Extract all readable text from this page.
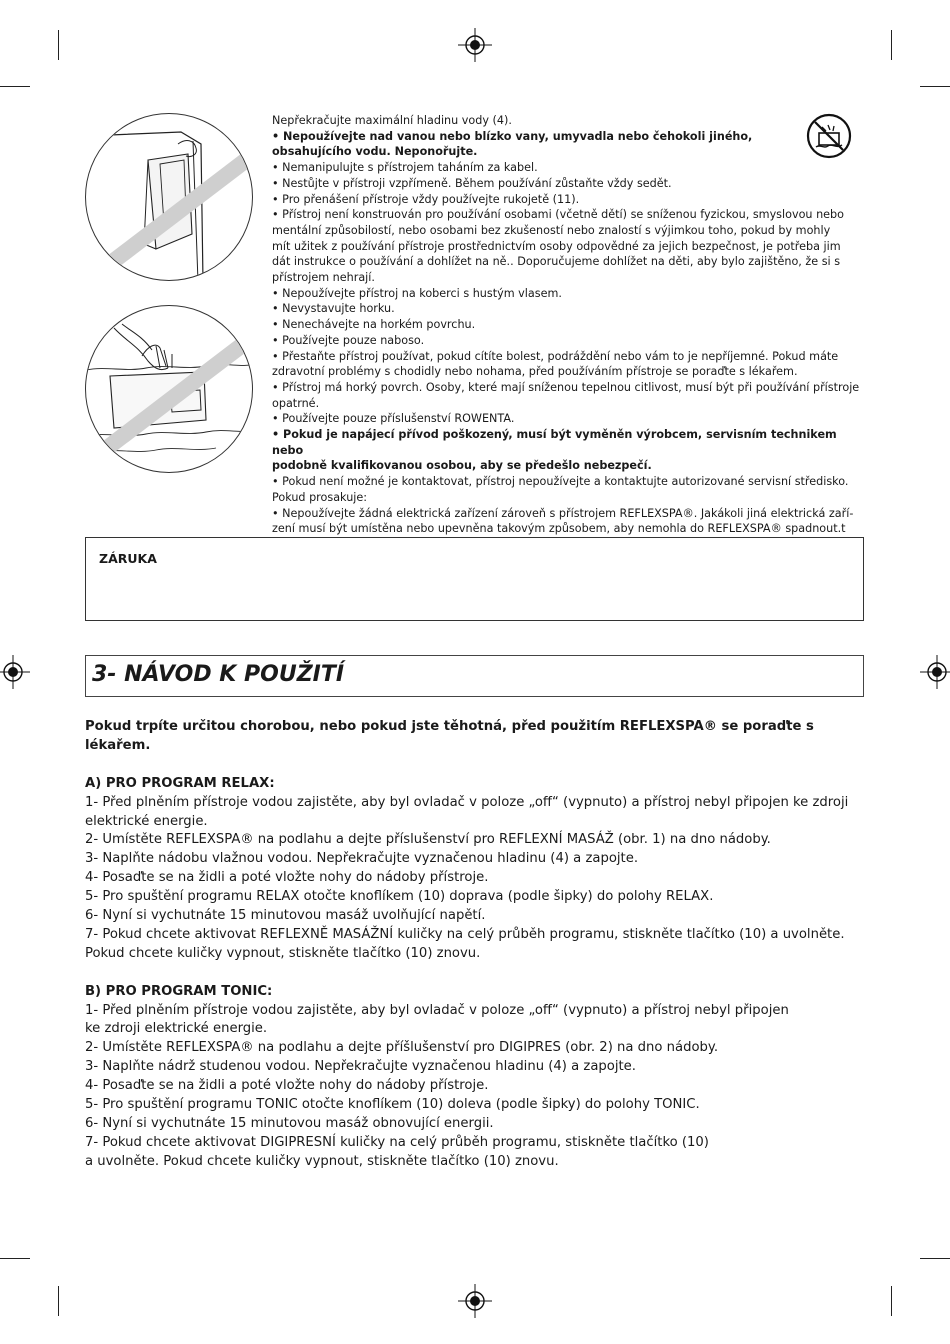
Nepřekračujte maximální hladinu vody (4).
• Nepoužívejte nad vanou nebo blízko vany, umyvadla nebo čehokoli jiného,
obsahujícího vodu. Neponořujte.
• Nemanipulujte s přístrojem taháním za kabel.
• Nestůjte v přístroji vzpřímeně. Během používání zůstaňte vždy sedět.
• Pro přenášení přístroje vždy používejte rukojetě (11).
• Přístroj není konstruován pro používání osobami (včetně dětí) se sníženou fyzickou, smyslovou nebo
mentální způsobilostí, nebo osobami bez zkušeností nebo znalostí s výjimkou toho, pokud by mohly
mít užitek z používání přístroje prostřednictvím osoby odpovědné za jejich bezpečnost, je potřeba jim
dát instrukce o používání a dohlížet na ně.. Doporučujeme dohlížet na děti, aby bylo zajištěno, že si s
přístrojem nehrají.
• Nepoužívejte přístroj na koberci s hustým vlasem.
• Nevystavujte horku.
• Nenechávejte na horkém povrchu.
• Používejte pouze naboso.
• Přestaňte přístroj používat, pokud cítíte bolest, podráždění nebo vám to je nepříjemné. Pokud máte
zdravotní problémy s chodidly nebo nohama, před používáním přístroje se poraďte s lékařem.
• Přístroj má horký povrch. Osoby, které mají sníženou tepelnou citlivost, musí být při používání přístroje
opatrné.
• Používejte pouze příslušenství ROWENTA.
• Pokud je napájecí přívod poškozený, musí být vyměněn výrobcem, servisním technikem nebo
podobně kvalifikovanou osobou, aby se předešlo nebezpečí.
• Pokud není možné je kontaktovat, přístroj nepoužívejte a kontaktujte autorizované servisní středisko.
Pokud prosakuje:
• Nepoužívejte žádná elektrická zařízení zároveň s přístrojem REFLEXSPA®. Jakákoli jiná elektrická zaří-
zení musí být umístěna nebo upevněna takovým způsobem, aby nemohla do REFLEXSPA® spadnout.t
ZÁRUKA
3- NÁVOD K POUŽITÍ
Pokud trpíte určitou chorobou, nebo pokud jste těhotná, před použitím REFLEXSPA® se poraďte s lékařem.
A) PRO PROGRAM RELAX:
1- Před plněním přístroje vodou zajistěte, aby byl ovladač v poloze „off“ (vypnuto) a přístroj nebyl připojen ke zdroji
elektrické energie.
2- Umístěte REFLEXSPA® na podlahu a dejte příslušenství pro REFLEXNÍ MASÁŽ (obr. 1) na dno nádoby.
3- Naplňte nádobu vlažnou vodou. Nepřekračujte vyznačenou hladinu (4) a zapojte.
4- Posaďte se na židli a poté vložte nohy do nádoby přístroje.
5- Pro spuštění programu RELAX otočte knoflíkem (10) doprava (podle šipky) do polohy RELAX.
6- Nyní si vychutnáte 15 minutovou masáž uvolňující napětí.
7- Pokud chcete aktivovat REFLEXNĚ MASÁŽNÍ kuličky na celý průběh programu, stiskněte tlačítko (10) a uvolněte.
Pokud chcete kuličky vypnout, stiskněte tlačítko (10) znovu.
B) PRO PROGRAM TONIC:
1- Před plněním přístroje vodou zajistěte, aby byl ovladač v poloze „off“ (vypnuto) a přístroj nebyl připojen
ke zdroji elektrické energie.
2- Umístěte REFLEXSPA® na podlahu a dejte příšlušenství pro DIGIPRES (obr. 2) na dno nádoby.
3- Naplňte nádrž studenou vodou. Nepřekračujte vyznačenou hladinu (4) a zapojte.
4- Posaďte se na židli a poté vložte nohy do nádoby přístroje.
5- Pro spuštění programu TONIC otočte knoflíkem (10) doleva (podle šipky) do polohy TONIC.
6- Nyní si vychutnáte 15 minutovou masáž obnovující energii.
7- Pokud chcete aktivovat DIGIPRESNÍ kuličky na celý průběh programu, stiskněte tlačítko (10)
a uvolněte. Pokud chcete kuličky vypnout, stiskněte tlačítko (10) znovu.
